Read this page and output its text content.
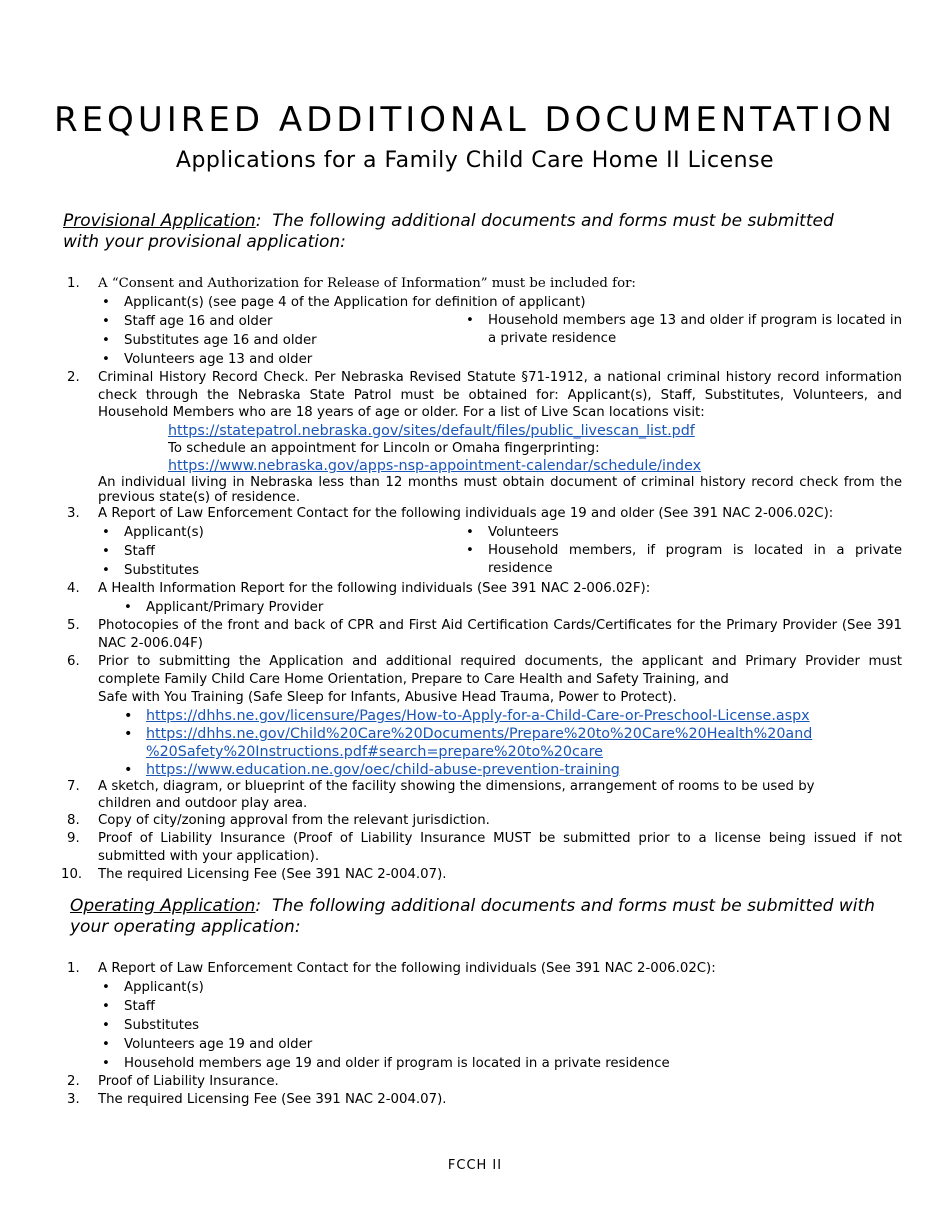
REQUIRED ADDITIONAL DOCUMENTATION
Applications for a Family Child Care Home II License
Provisional Application: The following additional documents and forms must be submitted with your provisional application:
1. A “Consent and Authorization for Release of Information” must be included for:
• Applicant(s) (see page 4 of the Application for definition of applicant)
• Staff age 16 and older
• Substitutes age 16 and older
• Volunteers age 13 and older
• Household members age 13 and older if program is located in a private residence
2. Criminal History Record Check. Per Nebraska Revised Statute §71-1912, a national criminal history record information check through the Nebraska State Patrol must be obtained for: Applicant(s), Staff, Substitutes, Volunteers, and Household Members who are 18 years of age or older. For a list of Live Scan locations visit:
https://statepatrol.nebraska.gov/sites/default/files/public_livescan_list.pdf
To schedule an appointment for Lincoln or Omaha fingerprinting:
https://www.nebraska.gov/apps-nsp-appointment-calendar/schedule/index
An individual living in Nebraska less than 12 months must obtain document of criminal history record check from the previous state(s) of residence.
3. A Report of Law Enforcement Contact for the following individuals age 19 and older (See 391 NAC 2-006.02C):
• Applicant(s)
• Staff
• Substitutes
• Volunteers
• Household members, if program is located in a private residence
4. A Health Information Report for the following individuals (See 391 NAC 2-006.02F):
• Applicant/Primary Provider
5. Photocopies of the front and back of CPR and First Aid Certification Cards/Certificates for the Primary Provider (See 391 NAC 2-006.04F)
6. Prior to submitting the Application and additional required documents, the applicant and Primary Provider must complete Family Child Care Home Orientation, Prepare to Care Health and Safety Training, and
Safe with You Training (Safe Sleep for Infants, Abusive Head Trauma, Power to Protect).
• https://dhhs.ne.gov/licensure/Pages/How-to-Apply-for-a-Child-Care-or-Preschool-License.aspx
• https://dhhs.ne.gov/Child%20Care%20Documents/Prepare%20to%20Care%20Health%20and
%20Safety%20Instructions.pdf#search=prepare%20to%20care
• https://www.education.ne.gov/oec/child-abuse-prevention-training
7. A sketch, diagram, or blueprint of the facility showing the dimensions, arrangement of rooms to be used by
children and outdoor play area.
8. Copy of city/zoning approval from the relevant jurisdiction.
9. Proof of Liability Insurance (Proof of Liability Insurance MUST be submitted prior to a license being issued if not submitted with your application).
10. The required Licensing Fee (See 391 NAC 2-004.07).
Operating Application: The following additional documents and forms must be submitted with your operating application:
1. A Report of Law Enforcement Contact for the following individuals (See 391 NAC 2-006.02C):
• Applicant(s)
• Staff
• Substitutes
• Volunteers age 19 and older
• Household members age 19 and older if program is located in a private residence
2. Proof of Liability Insurance.
3. The required Licensing Fee (See 391 NAC 2-004.07).
FCCH II
